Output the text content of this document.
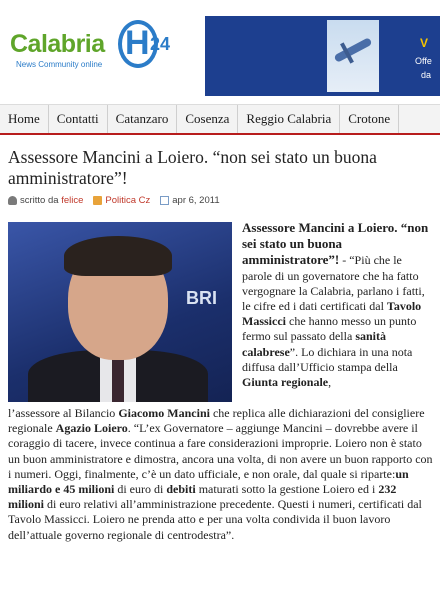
Calabria H 24
News Community online
V
Offe
da
Home	Contatti	Catanzaro	Cosenza	Reggio Calabria	Crotone
Assessore Mancini a Loiero. “non sei stato un buona amministratore”!
scritto da
felice Politica Cz apr 6, 2011
BRI
Assessore Mancini a Loiero. “non sei stato un buona amministratore”! - “Più che le parole di un governatore che ha fatto vergognare la Calabria, parlano i fatti, le cifre ed i dati certificati dal Tavolo Massicci che hanno messo un punto fermo sul passato della sanità calabrese”. Lo dichiara in una nota diffusa dall’Ufficio stampa della Giunta regionale,
l’assessore al Bilancio Giacomo Mancini che replica alle dichiarazioni del consigliere regionale Agazio Loiero. “L’ex Governatore – aggiunge Mancini – dovrebbe avere il coraggio di tacere, invece continua a fare considerazioni improprie. Loiero non è stato un buon amministratore e dimostra, ancora una volta, di non avere un buon rapporto con i numeri. Oggi, finalmente, c’è un dato ufficiale, e non orale, dal quale si riparte:un miliardo e 45 milioni di euro di debiti maturati sotto la gestione Loiero ed i 232 milioni di euro relativi all’amministrazione precedente. Questi i numeri, certificati dal Tavolo Massicci. Loiero ne prenda atto e per una volta condivida il buon lavoro dell’attuale governo regionale di centrodestra”.
